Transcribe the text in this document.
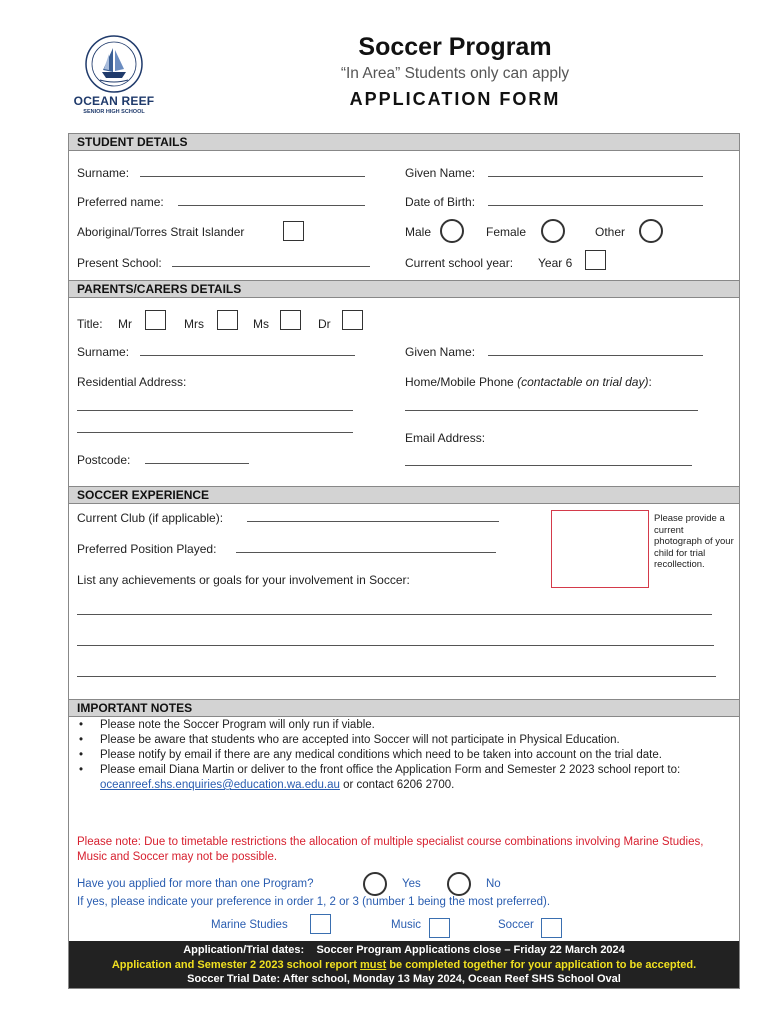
OCEAN REEF
SENIOR HIGH SCHOOL
Soccer Program
“In Area” Students only can apply
APPLICATION FORM
STUDENT DETAILS
Surname:	Given Name:
Preferred name:	Date of Birth:
Aboriginal/Torres Strait Islander	Male	Female	Other
Present School:	Current school year: Year 6
PARENTS/CARERS DETAILS
Title: Mr	Mrs	Ms	Dr
Surname:	Given Name:
Residential Address:	Home/Mobile Phone (contactable on trial day):
Email Address:
Postcode:
SOCCER EXPERIENCE
Current Club (if applicable):
Preferred Position Played:
List any achievements or goals for your involvement in Soccer:
Please provide a current photograph of your child for trial recollection.
IMPORTANT NOTES
• Please note the Soccer Program will only run if viable.
• Please be aware that students who are accepted into Soccer will not participate in Physical Education.
• Please notify by email if there are any medical conditions which need to be taken into account on the trial date.
• Please email Diana Martin or deliver to the front office the Application Form and Semester 2 2023 school report to:
oceanreef.shs.enquiries@education.wa.edu.au or contact 6206 2700.
Please note: Due to timetable restrictions the allocation of multiple specialist course combinations involving Marine Studies, Music and Soccer may not be possible.
Have you applied for more than one Program?	Yes	No
If yes, please indicate your preference in order 1, 2 or 3 (number 1 being the most preferred).
Marine Studies	Music	Soccer
Application/Trial dates: Soccer Program Applications close – Friday 22 March 2024
Application and Semester 2 2023 school report must be completed together for your application to be accepted.
Soccer Trial Date: After school, Monday 13 May 2024, Ocean Reef SHS School Oval
